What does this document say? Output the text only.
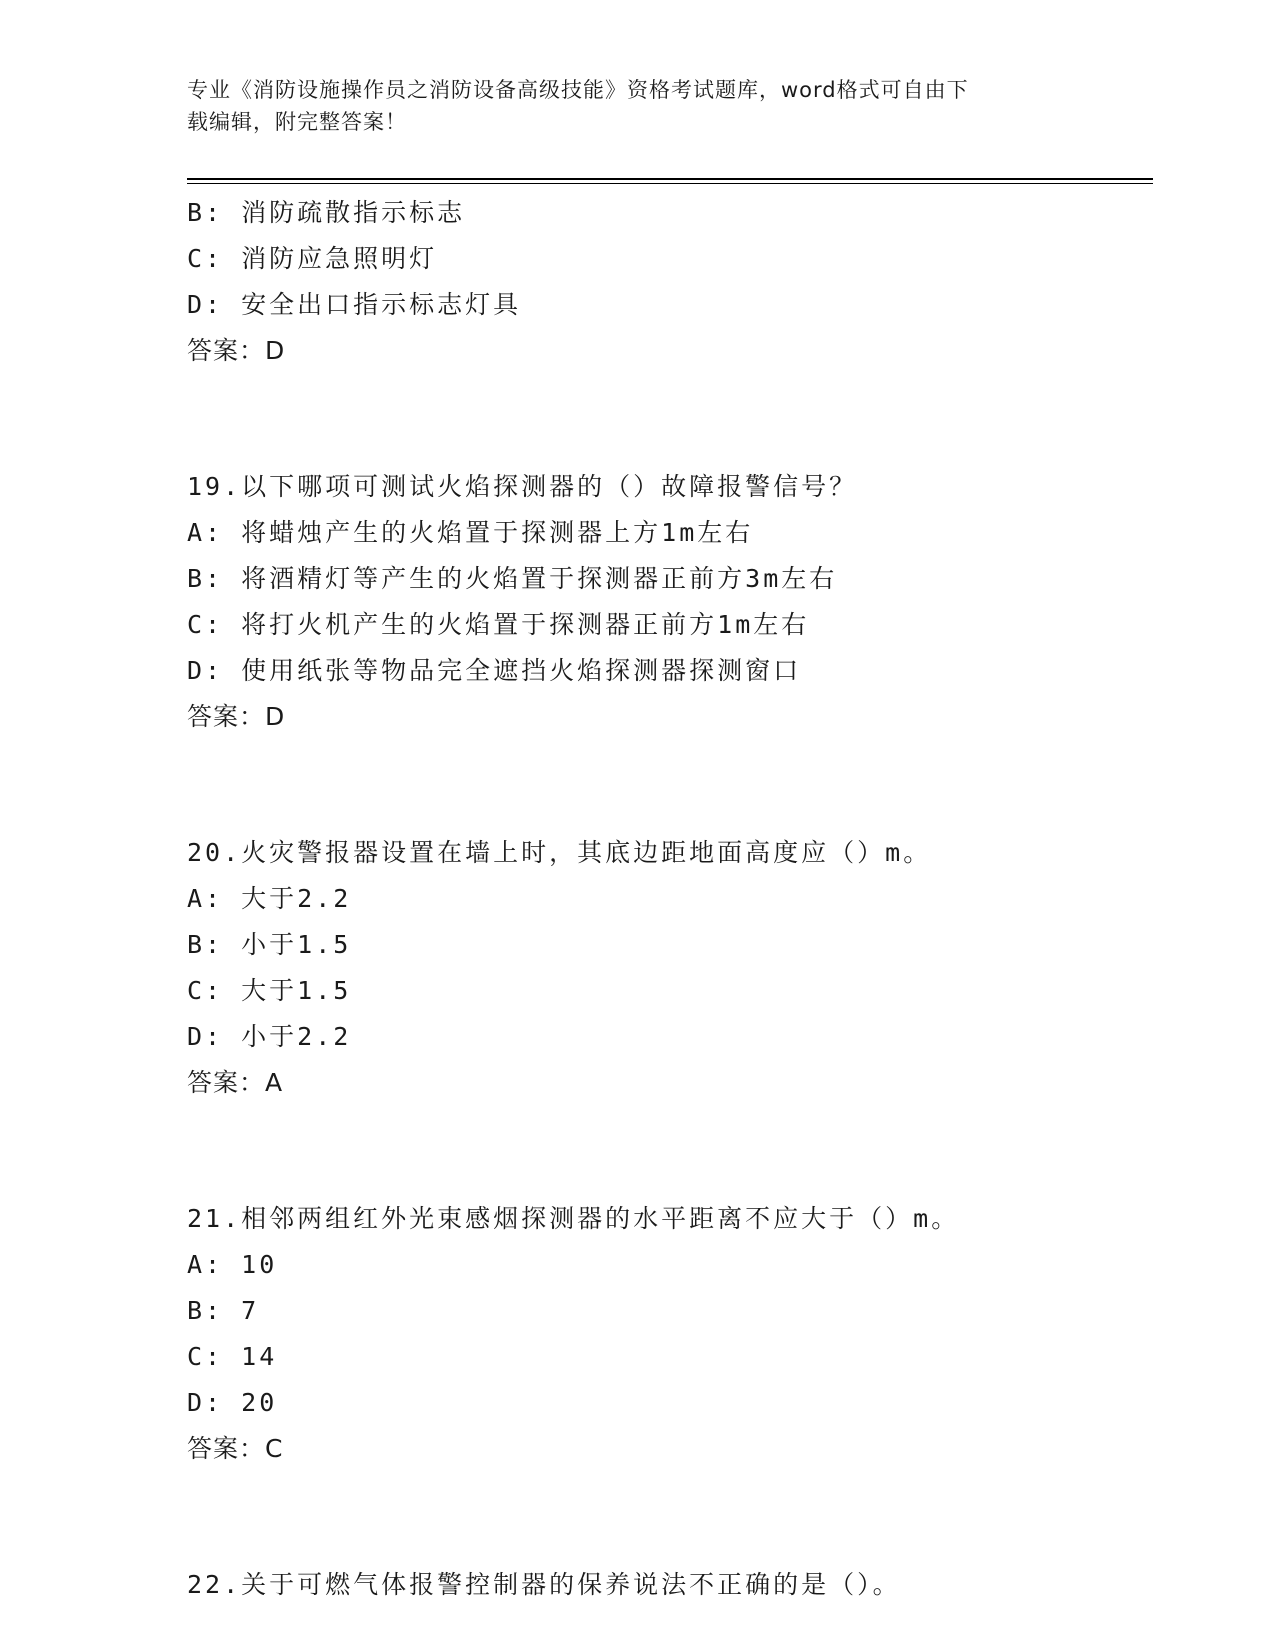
专业《消防设施操作员之消防设备高级技能》资格考试题库，word格式可自由下
载编辑，附完整答案！
B: 消防疏散指示标志
C: 消防应急照明灯
D: 安全出口指示标志灯具
答案：D
19.以下哪项可测试火焰探测器的（）故障报警信号？
A: 将蜡烛产生的火焰置于探测器上方1m左右
B: 将酒精灯等产生的火焰置于探测器正前方3m左右
C: 将打火机产生的火焰置于探测器正前方1m左右
D: 使用纸张等物品完全遮挡火焰探测器探测窗口
答案：D
20.火灾警报器设置在墙上时，其底边距地面高度应（）m。
A: 大于2.2
B: 小于1.5
C: 大于1.5
D: 小于2.2
答案：A
21.相邻两组红外光束感烟探测器的水平距离不应大于（）m。
A: 10
B: 7
C: 14
D: 20
答案：C
22.关于可燃气体报警控制器的保养说法不正确的是（）。
